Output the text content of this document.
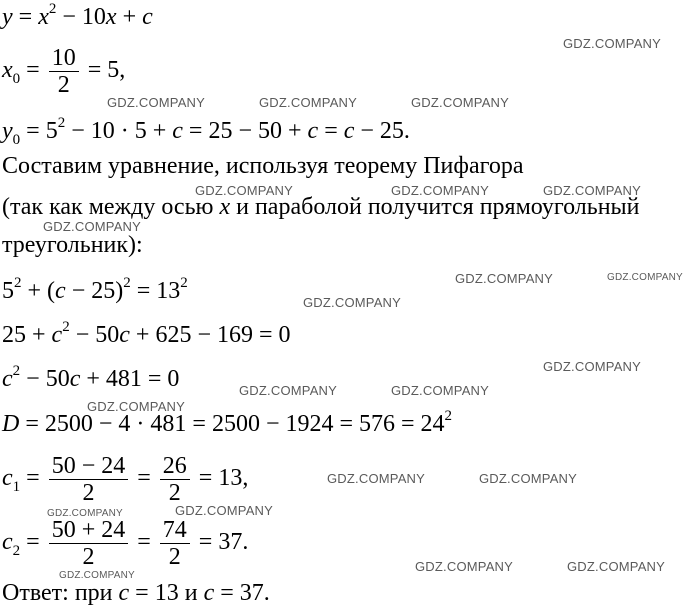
$y = x^2 - 10x + c$
$x_0 = \frac{10}{2} = 5$,
$y_0 = 5^2 - 10 \cdot 5 + c = 25 - 50 + c = c - 25$.
Составим уравнение, используя теорему Пифагора
(так как между осью x и параболой получится прямоугольный
треугольник):
$5^2 + (c - 25)^2 = 13^2$
$25 + c^2 - 50c + 625 - 169 = 0$
$c^2 - 50c + 481 = 0$
$D = 2500 - 4 \cdot 481 = 2500 - 1924 = 576 = 24^2$
$c_1 = \frac{50 - 24}{2} = \frac{26}{2} = 13$,
$c_2 = \frac{50 + 24}{2} = \frac{74}{2} = 37$.
Ответ: при c = 13 и c = 37.
GDZ.COMPANY
GDZ.COMPANY	GDZ.COMPANY	GDZ.COMPANY
GDZ.COMPANY	GDZ.COMPANY	GDZ.COMPANY
GDZ.COMPANY
GDZ.COMPANY	GDZ.COMPANY
GDZ.COMPANY
GDZ.COMPANY
GDZ.COMPANY	GDZ.COMPANY
GDZ.COMPANY
GDZ.COMPANY	GDZ.COMPANY
GDZ.COMPANY	GDZ.COMPANY
GDZ.COMPANY	GDZ.COMPANY
GDZ.COMPANY
